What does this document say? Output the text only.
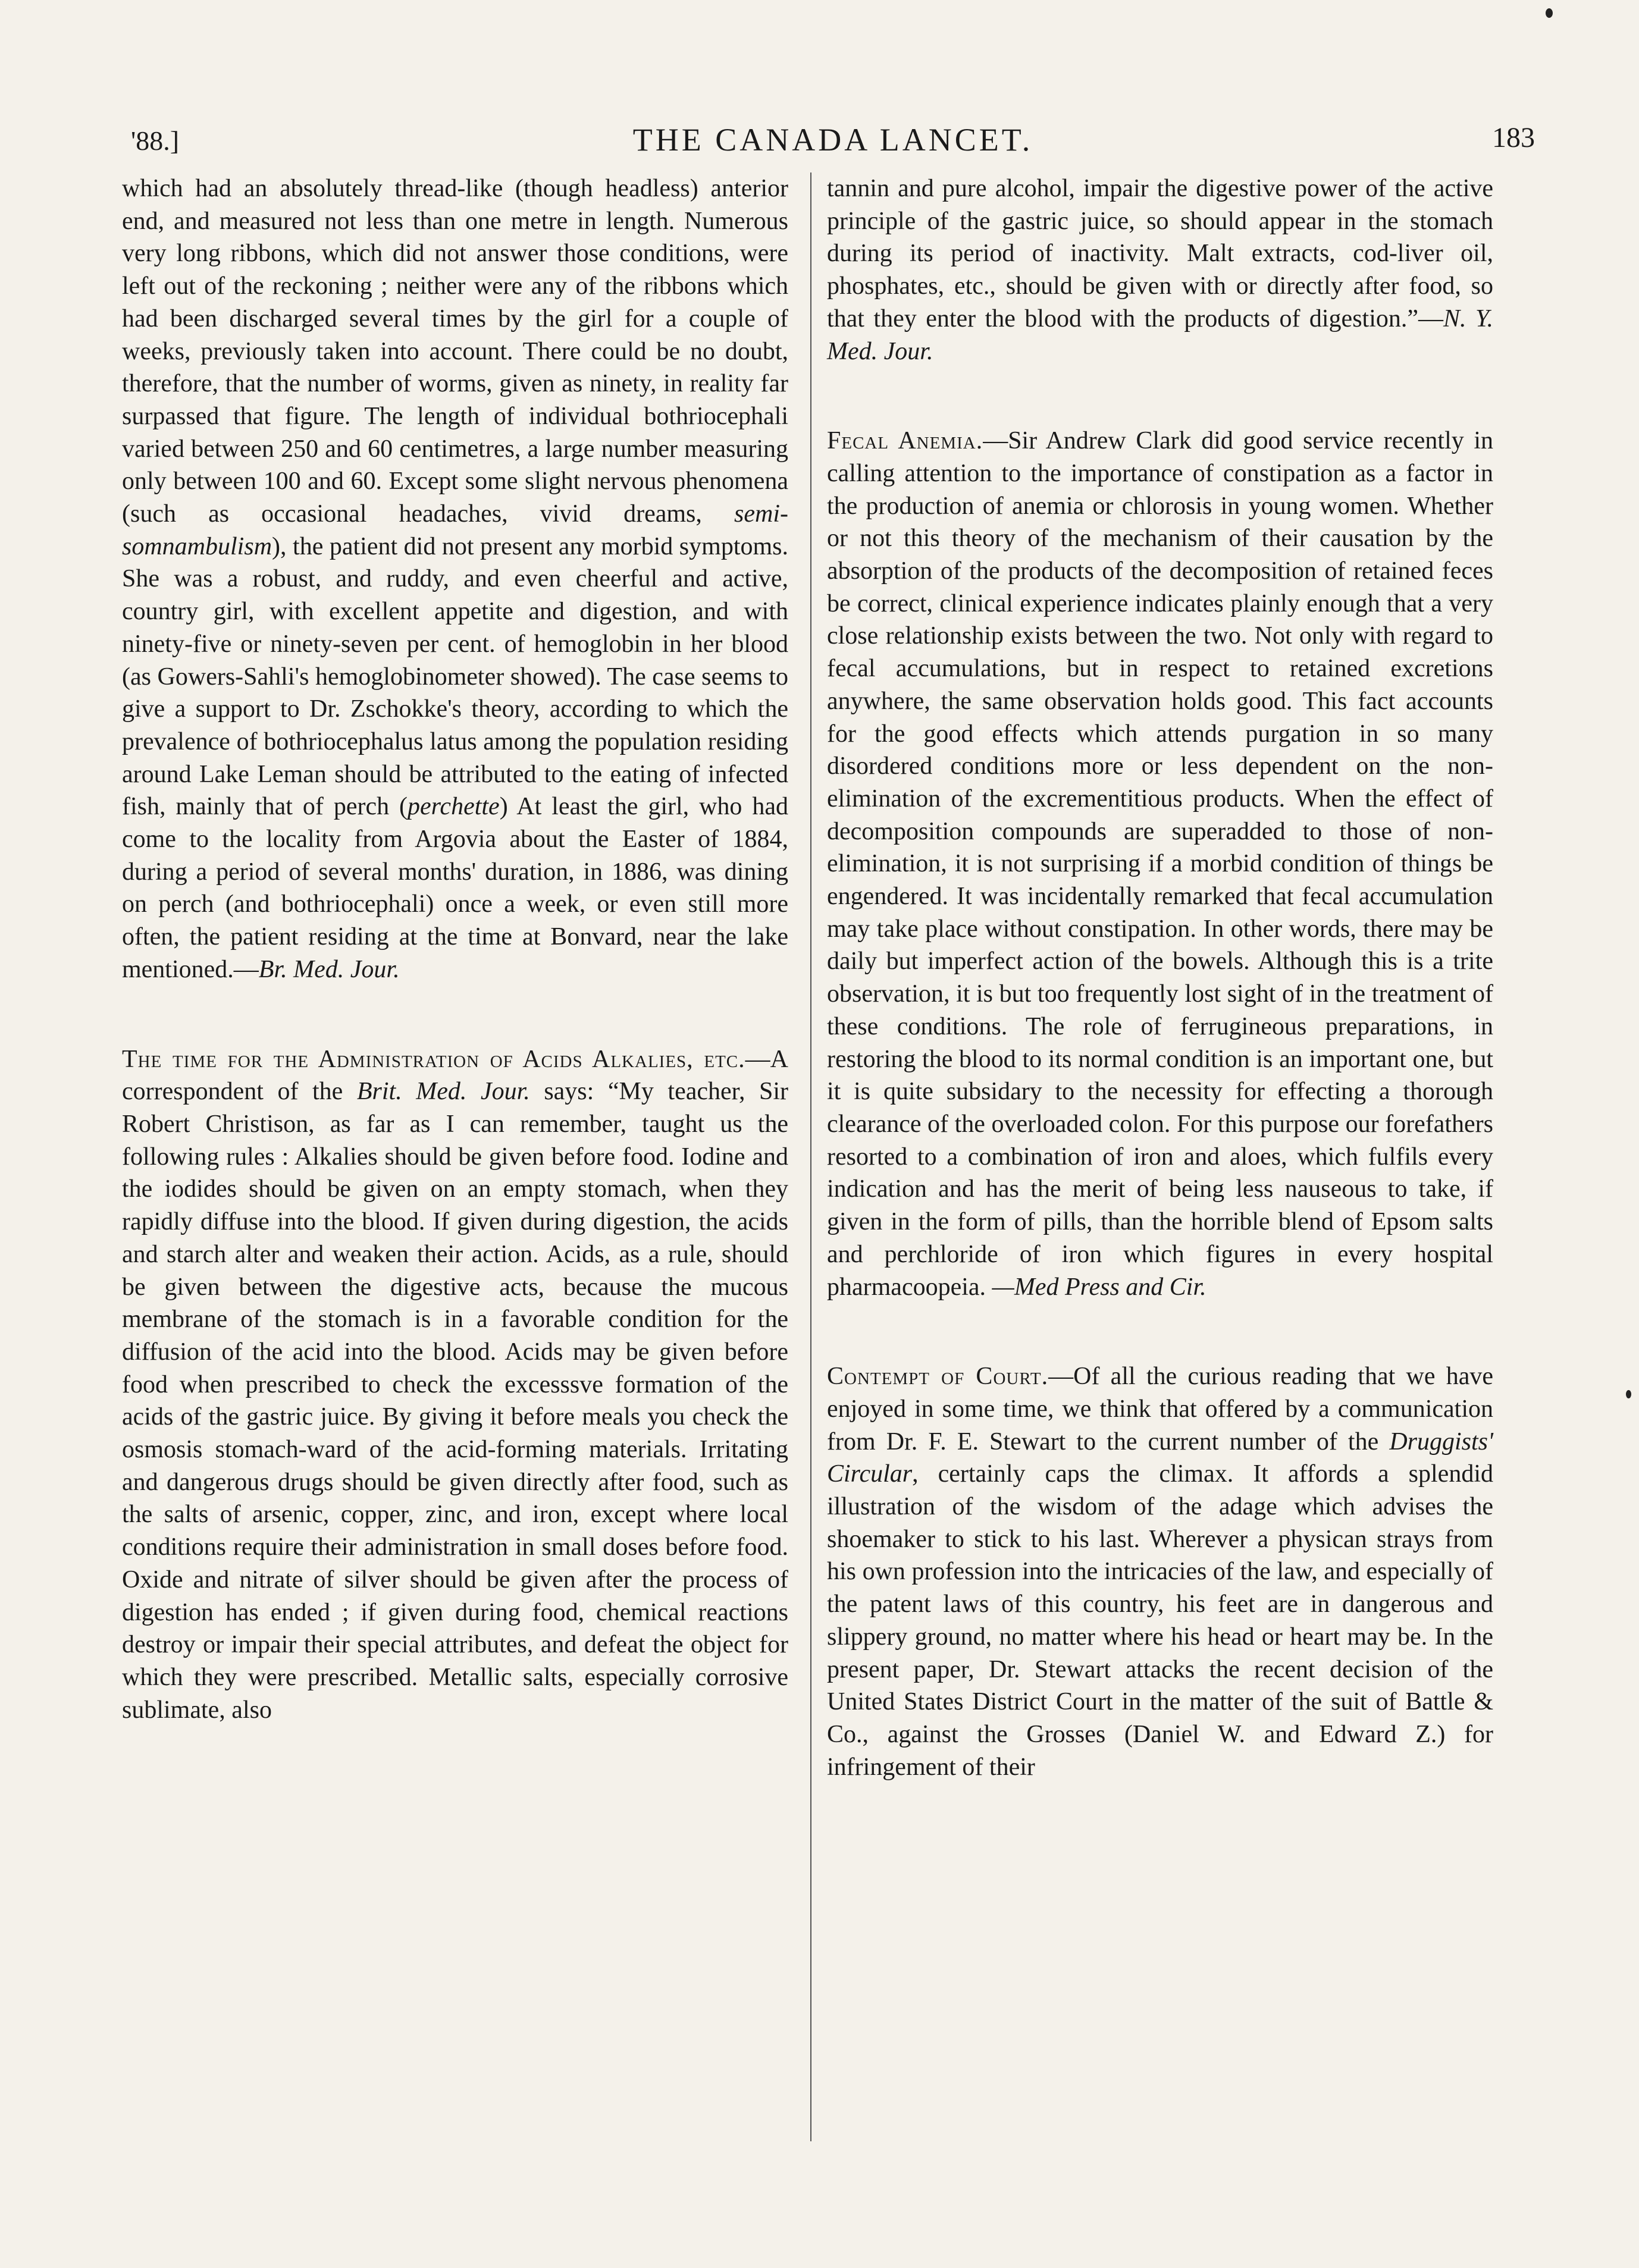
'88.]	THE CANADA LANCET.	183

which had an absolutely thread-like (though headless) anterior end, and measured not less than one metre in length. Numerous very long ribbons, which did not answer those conditions, were left out of the reckoning ; neither were any of the ribbons which had been discharged several times by the girl for a couple of weeks, previously taken into account. There could be no doubt, therefore, that the number of worms, given as ninety, in reality far surpassed that figure. The length of individual bothriocephali varied between 250 and 60 centimetres, a large number measuring only between 100 and 60. Except some slight nervous phenomena (such as occasional headaches, vivid dreams, semi-somnambulism), the patient did not present any morbid symptoms. She was a robust, and ruddy, and even cheerful and active, country girl, with excellent appetite and digestion, and with ninety-five or ninety-seven per cent. of hemoglobin in her blood (as Gowers-Sahli's hemoglobinometer showed). The case seems to give a support to Dr. Zschokke's theory, according to which the prevalence of bothriocephalus latus among the population residing around Lake Leman should be attributed to the eating of infected fish, mainly that of perch (perchette) At least the girl, who had come to the locality from Argovia about the Easter of 1884, during a period of several months' duration, in 1886, was dining on perch (and bothriocephali) once a week, or even still more often, the patient residing at the time at Bonvard, near the lake mentioned.—Br. Med. Jour.

The time for the Administration of Acids Alkalies, etc.—A correspondent of the Brit. Med. Jour. says: “My teacher, Sir Robert Christison, as far as I can remember, taught us the following rules : Alkalies should be given before food. Iodine and the iodides should be given on an empty stomach, when they rapidly diffuse into the blood. If given during digestion, the acids and starch alter and weaken their action. Acids, as a rule, should be given between the digestive acts, because the mucous membrane of the stomach is in a favorable condition for the diffusion of the acid into the blood. Acids may be given before food when prescribed to check the excesssve formation of the acids of the gastric juice. By giving it before meals you check the osmosis stomach-ward of the acid-forming materials. Irritating and dangerous drugs should be given directly after food, such as the salts of arsenic, copper, zinc, and iron, except where local conditions require their administration in small doses before food. Oxide and nitrate of silver should be given after the process of digestion has ended ; if given during food, chemical reactions destroy or impair their special attributes, and defeat the object for which they were prescribed. Metallic salts, especially corrosive sublimate, also

tannin and pure alcohol, impair the digestive power of the active principle of the gastric juice, so should appear in the stomach during its period of inactivity. Malt extracts, cod-liver oil, phosphates, etc., should be given with or directly after food, so that they enter the blood with the products of digestion.”—N. Y. Med. Jour.

Fecal Anemia.—Sir Andrew Clark did good service recently in calling attention to the importance of constipation as a factor in the production of anemia or chlorosis in young women. Whether or not this theory of the mechanism of their causation by the absorption of the products of the decomposition of retained feces be correct, clinical experience indicates plainly enough that a very close relationship exists between the two. Not only with regard to fecal accumulations, but in respect to retained excretions anywhere, the same observation holds good. This fact accounts for the good effects which attends purgation in so many disordered conditions more or less dependent on the non-elimination of the excrementitious products. When the effect of decomposition compounds are superadded to those of non-elimination, it is not surprising if a morbid condition of things be engendered. It was incidentally remarked that fecal accumulation may take place without constipation. In other words, there may be daily but imperfect action of the bowels. Although this is a trite observation, it is but too frequently lost sight of in the treatment of these conditions. The role of ferrugineous preparations, in restoring the blood to its normal condition is an important one, but it is quite subsidary to the necessity for effecting a thorough clearance of the overloaded colon. For this purpose our forefathers resorted to a combination of iron and aloes, which fulfils every indication and has the merit of being less nauseous to take, if given in the form of pills, than the horrible blend of Epsom salts and perchloride of iron which figures in every hospital pharmacoopeia. —Med Press and Cir.

Contempt of Court.—Of all the curious reading that we have enjoyed in some time, we think that offered by a communication from Dr. F. E. Stewart to the current number of the Druggists' Circular, certainly caps the climax. It affords a splendid illustration of the wisdom of the adage which advises the shoemaker to stick to his last. Wherever a physican strays from his own profession into the intricacies of the law, and especially of the patent laws of this country, his feet are in dangerous and slippery ground, no matter where his head or heart may be. In the present paper, Dr. Stewart attacks the recent decision of the United States District Court in the matter of the suit of Battle & Co., against the Grosses (Daniel W. and Edward Z.) for infringement of their
